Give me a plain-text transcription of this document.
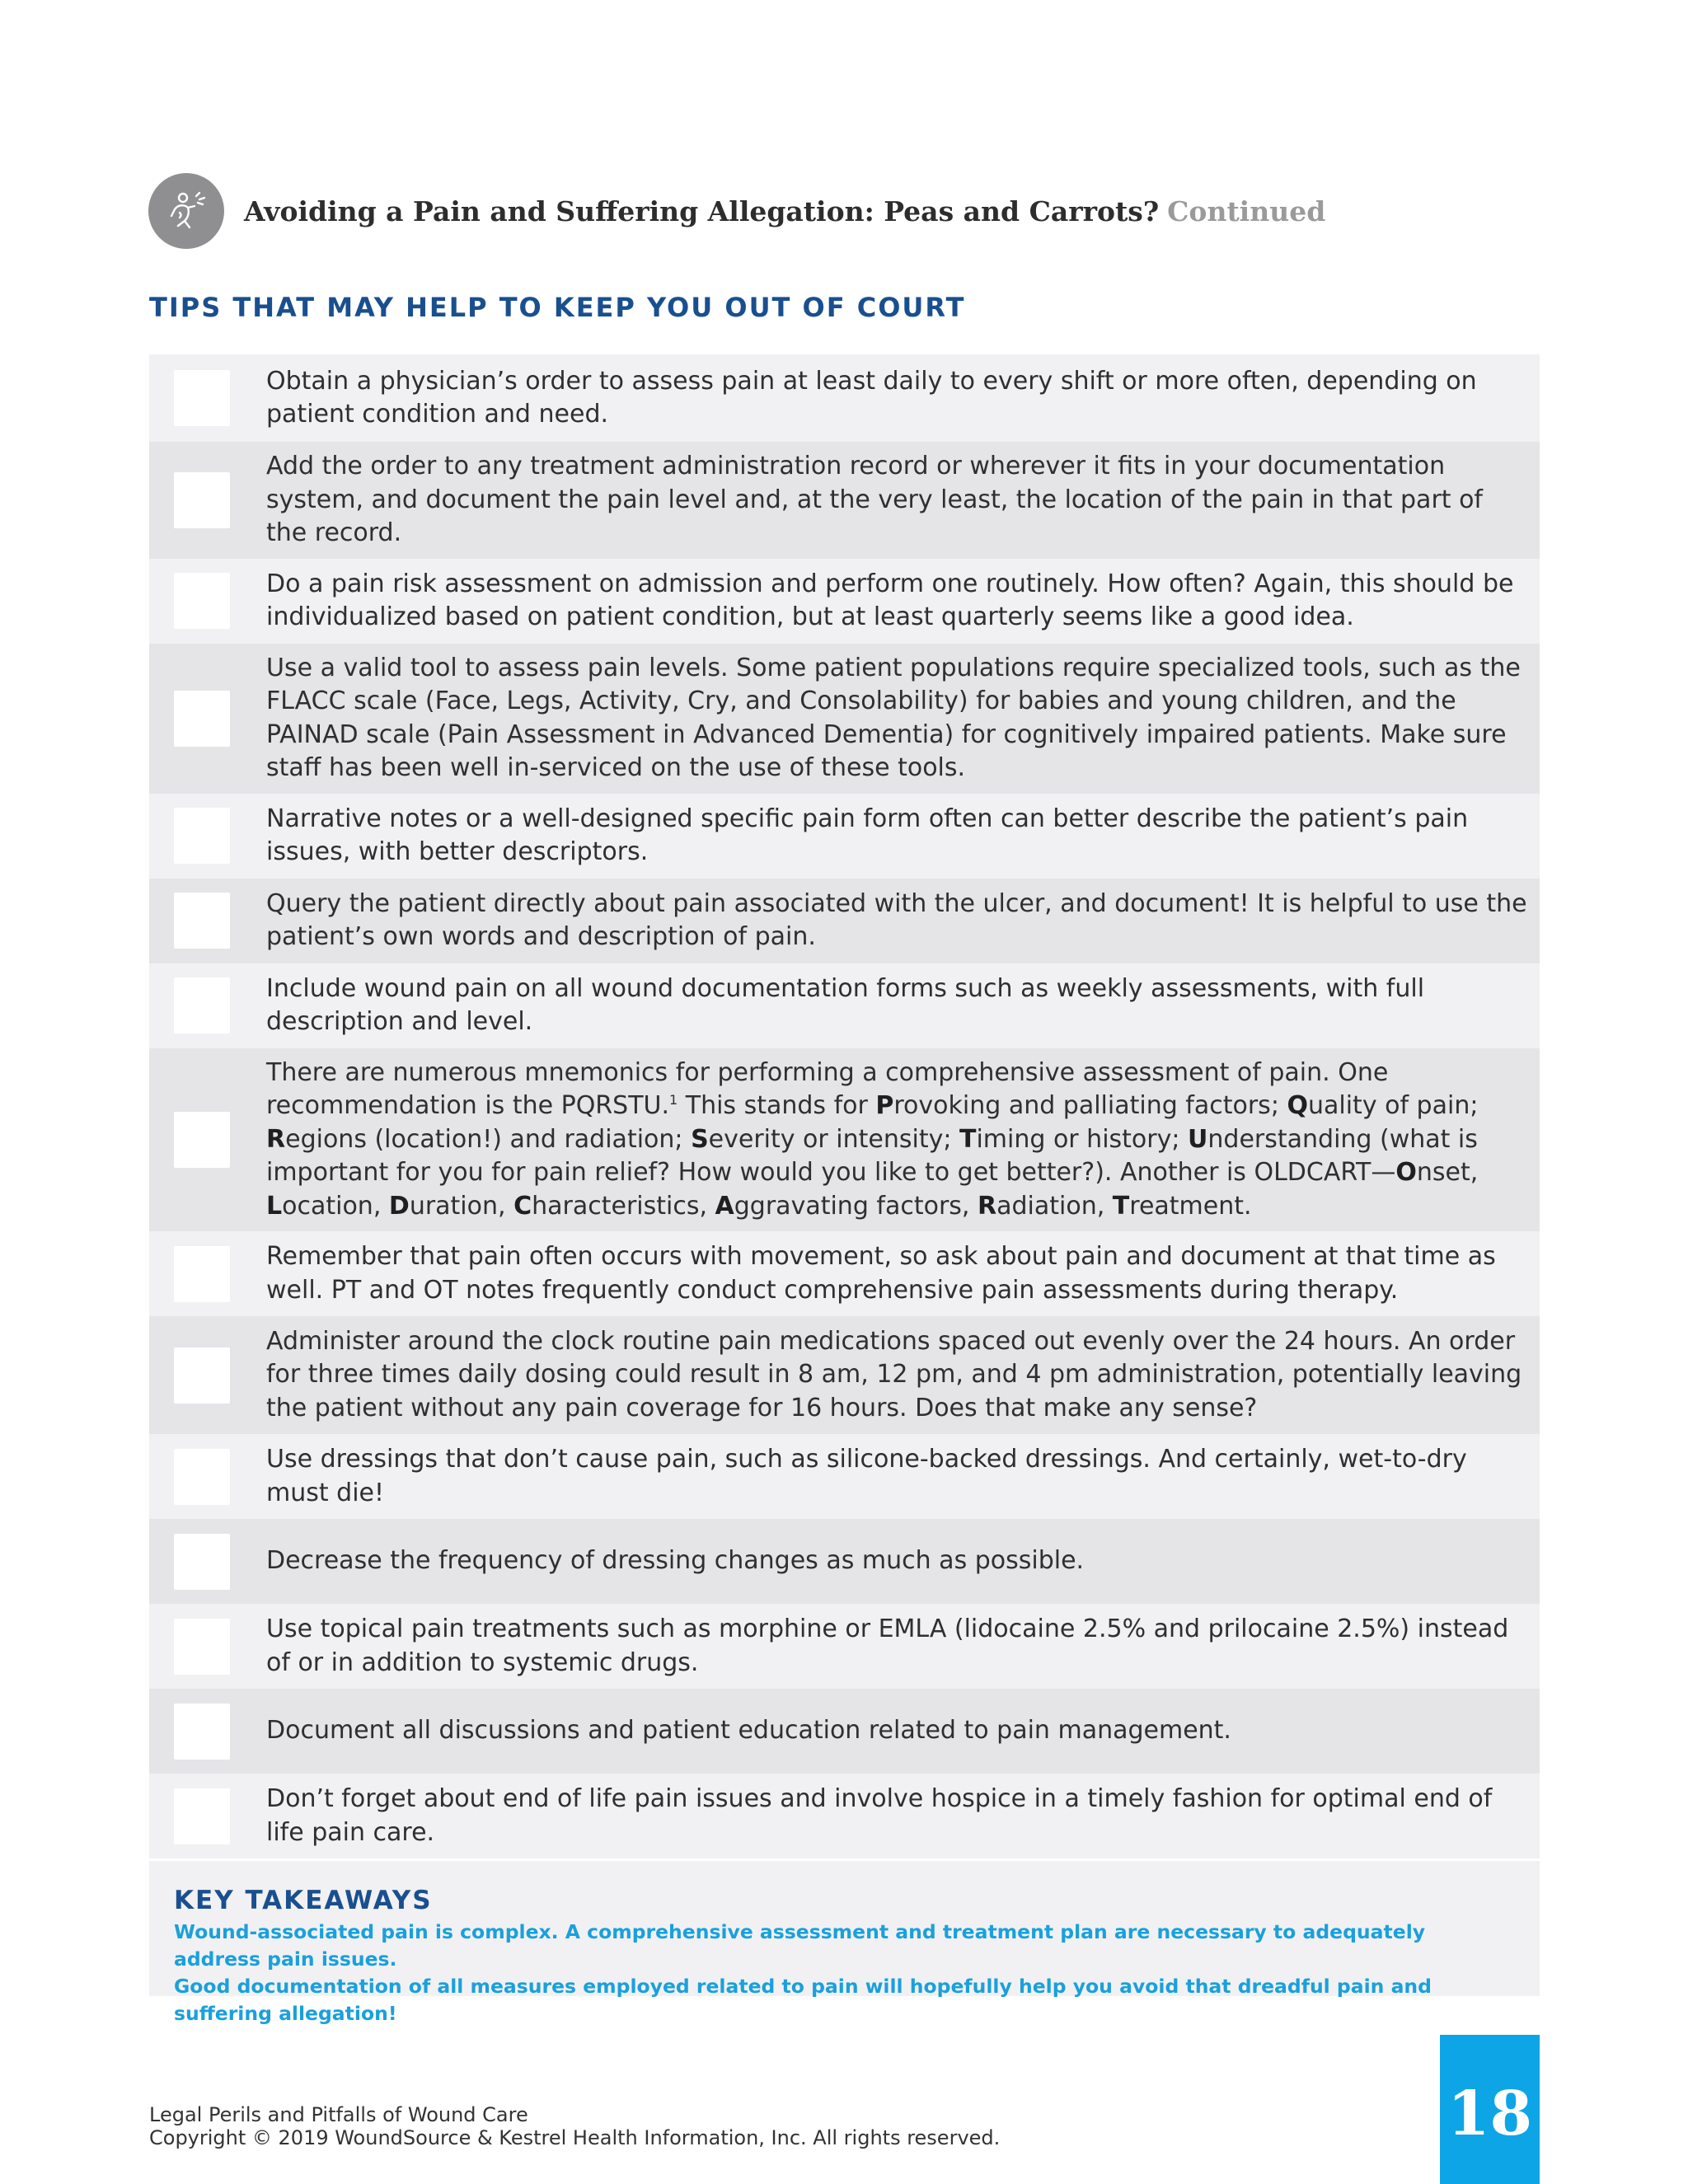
Avoiding a Pain and Suffering Allegation: Peas and Carrots? Continued
TIPS THAT MAY HELP TO KEEP YOU OUT OF COURT
Obtain a physician’s order to assess pain at least daily to every shift or more often, depending on patient condition and need.
Add the order to any treatment administration record or wherever it fits in your documentation system, and document the pain level and, at the very least, the location of the pain in that part of the record.
Do a pain risk assessment on admission and perform one routinely. How often? Again, this should be individualized based on patient condition, but at least quarterly seems like a good idea.
Use a valid tool to assess pain levels. Some patient populations require specialized tools, such as the FLACC scale (Face, Legs, Activity, Cry, and Consolability) for babies and young children, and the PAINAD scale (Pain Assessment in Advanced Dementia) for cognitively impaired patients. Make sure staff has been well in-serviced on the use of these tools.
Narrative notes or a well-designed specific pain form often can better describe the patient’s pain issues, with better descriptors.
Query the patient directly about pain associated with the ulcer, and document! It is helpful to use the patient’s own words and description of pain.
Include wound pain on all wound documentation forms such as weekly assessments, with full description and level.
There are numerous mnemonics for performing a comprehensive assessment of pain. One recommendation is the PQRSTU.$^1$ This stands for Provoking and palliating factors; Quality of pain; Regions (location!) and radiation; Severity or intensity; Timing or history; Understanding (what is important for you for pain relief? How would you like to get better?). Another is OLDCART—Onset, Location, Duration, Characteristics, Aggravating factors, Radiation, Treatment.
Remember that pain often occurs with movement, so ask about pain and document at that time as well. PT and OT notes frequently conduct comprehensive pain assessments during therapy.
Administer around the clock routine pain medications spaced out evenly over the 24 hours. An order for three times daily dosing could result in 8 am, 12 pm, and 4 pm administration, potentially leaving the patient without any pain coverage for 16 hours. Does that make any sense?
Use dressings that don’t cause pain, such as silicone-backed dressings. And certainly, wet-to-dry must die!
Decrease the frequency of dressing changes as much as possible.
Use topical pain treatments such as morphine or EMLA (lidocaine 2.5% and prilocaine 2.5%) instead of or in addition to systemic drugs.
Document all discussions and patient education related to pain management.
Don’t forget about end of life pain issues and involve hospice in a timely fashion for optimal end of life pain care.
KEY TAKEAWAYS
Wound-associated pain is complex. A comprehensive assessment and treatment plan are necessary to adequately address pain issues.
Good documentation of all measures employed related to pain will hopefully help you avoid that dreadful pain and suffering allegation!
Legal Perils and Pitfalls of Wound Care
Copyright © 2019 WoundSource & Kestrel Health Information, Inc. All rights reserved.	18
